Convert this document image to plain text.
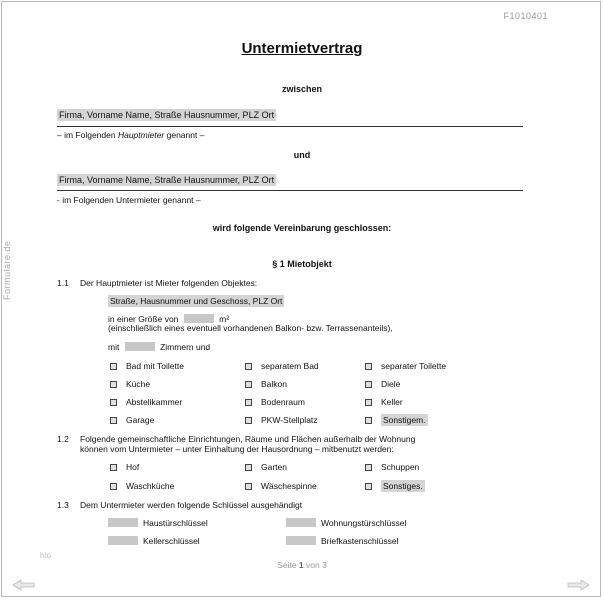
F1010401
Formulare.de
Untermietvertrag
zwischen
Firma, Vorname Name, Straße Hausnummer, PLZ Ort
– im Folgenden Hauptmieter genannt –
und
Firma, Vorname Name, Straße Hausnummer, PLZ Ort
- im Folgenden Untermieter genannt –
wird folgende Vereinbarung geschlossen:
§ 1 Mietobjekt
1.1 Der Hauptmieter ist Mieter folgenden Objektes:
Straße, Hausnummer und Geschoss, PLZ Ort
in einer Größe von	m²
(einschließlich eines eventuell vorhandenen Balkon- bzw. Terrassenanteils),
mit	Zimmern und
Bad mit Toilette	separatem Bad	separater Toilette
Küche	Balkon	Diele
Abstellkammer	Bodenraum	Keller
Garage	PKW-Stellplatz	Sonstigem.
1.2 Folgende gemeinschaftliche Einrichtungen, Räume und Flächen außerhalb der Wohnung
können vom Untermieter – unter Einhaltung der Hausordnung – mitbenutzt werden:
Hof	Garten	Schuppen
Waschküche	Wäschespinne	Sonstiges.
1.3 Dem Untermieter werden folgende Schlüssel ausgehändigt
Haustürschlüssel	Wohnungstürschlüssel
Kellerschlüssel	Briefkastenschlüssel
hto
Seite 1 von 3
